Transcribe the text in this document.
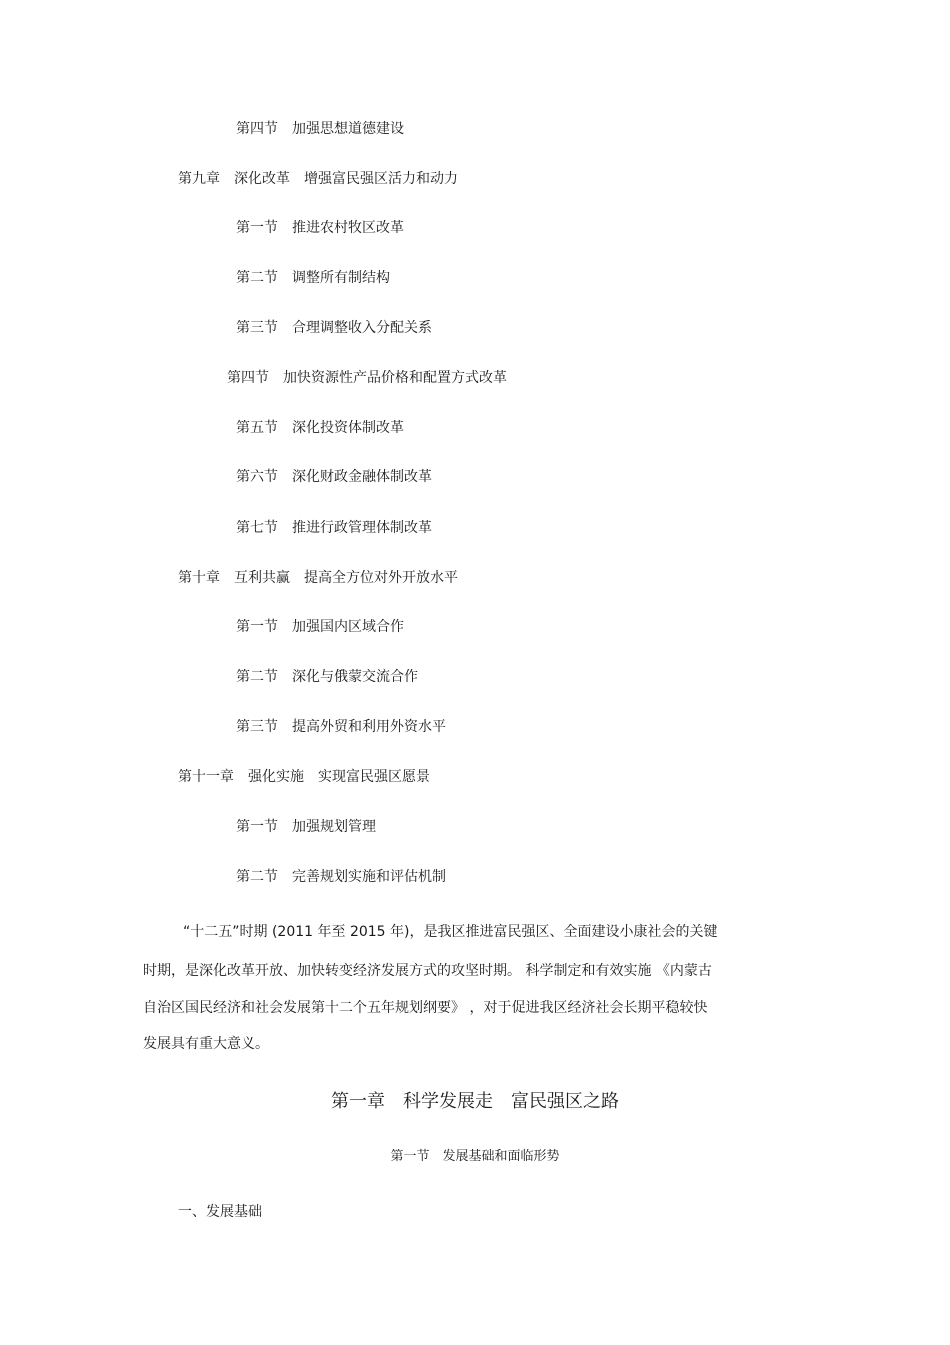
第四节 加强思想道德建设
第九章 深化改革　增强富民强区活力和动力
第一节 推进农村牧区改革
第二节 调整所有制结构
第三节 合理调整收入分配关系
第四节 加快资源性产品价格和配置方式改革
第五节 深化投资体制改革
第六节 深化财政金融体制改革
第七节 推进行政管理体制改革
第十章 互利共赢　提高全方位对外开放水平
第一节 加强国内区域合作
第二节 深化与俄蒙交流合作
第三节 提高外贸和利用外资水平
第十一章 强化实施　实现富民强区愿景
第一节 加强规划管理
第二节 完善规划实施和评估机制
“十二五”时期 (2011 年至 2015 年)，是我区推进富民强区、全面建设小康社会的关键
时期，是深化改革开放、加快转变经济发展方式的攻坚时期。 科学制定和有效实施 《内蒙古
自治区国民经济和社会发展第十二个五年规划纲要》 ，对于促进我区经济社会长期平稳较快
发展具有重大意义。
第一章　科学发展走　富民强区之路
第一节　发展基础和面临形势
一、发展基础
